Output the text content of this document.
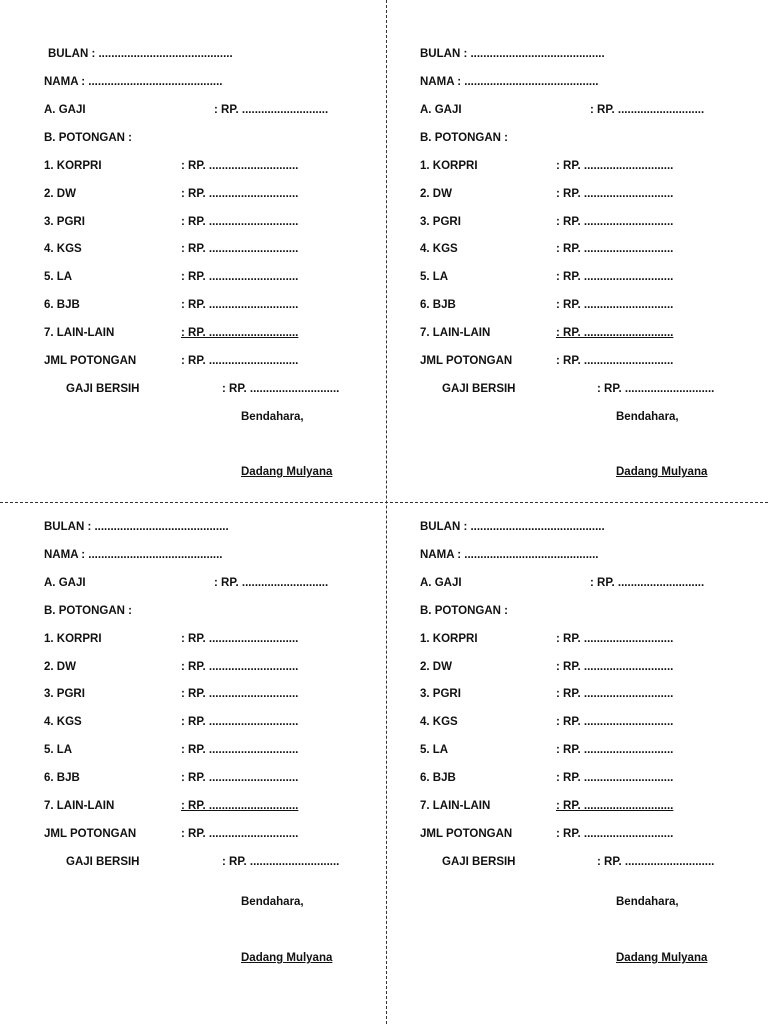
BULAN : ..........................................
NAMA : ..........................................
A. GAJI	: RP. ...........................
B. POTONGAN :
1. KORPRI	: RP. ............................
2. DW	: RP. ............................
3. PGRI	: RP. ............................
4. KGS	: RP. ............................
5. LA	: RP. ............................
6. BJB	: RP. ............................
7. LAIN-LAIN	: RP. ............................
JML POTONGAN	: RP. ............................
GAJI BERSIH	: RP. ............................
Bendahara,
Dadang Mulyana
BULAN : ..........................................
NAMA : ..........................................
A. GAJI	: RP. ...........................
B. POTONGAN :
1. KORPRI	: RP. ............................
2. DW	: RP. ............................
3. PGRI	: RP. ............................
4. KGS	: RP. ............................
5. LA	: RP. ............................
6. BJB	: RP. ............................
7. LAIN-LAIN	: RP. ............................
JML POTONGAN	: RP. ............................
GAJI BERSIH	: RP. ............................
Bendahara,
Dadang Mulyana
BULAN : ..........................................
NAMA : ..........................................
A. GAJI	: RP. ...........................
B. POTONGAN :
1. KORPRI	: RP. ............................
2. DW	: RP. ............................
3. PGRI	: RP. ............................
4. KGS	: RP. ............................
5. LA	: RP. ............................
6. BJB	: RP. ............................
7. LAIN-LAIN	: RP. ............................
JML POTONGAN	: RP. ............................
GAJI BERSIH	: RP. ............................
Bendahara,
Dadang Mulyana
BULAN : ..........................................
NAMA : ..........................................
A. GAJI	: RP. ...........................
B. POTONGAN :
1. KORPRI	: RP. ............................
2. DW	: RP. ............................
3. PGRI	: RP. ............................
4. KGS	: RP. ............................
5. LA	: RP. ............................
6. BJB	: RP. ............................
7. LAIN-LAIN	: RP. ............................
JML POTONGAN	: RP. ............................
GAJI BERSIH	: RP. ............................
Bendahara,
Dadang Mulyana
